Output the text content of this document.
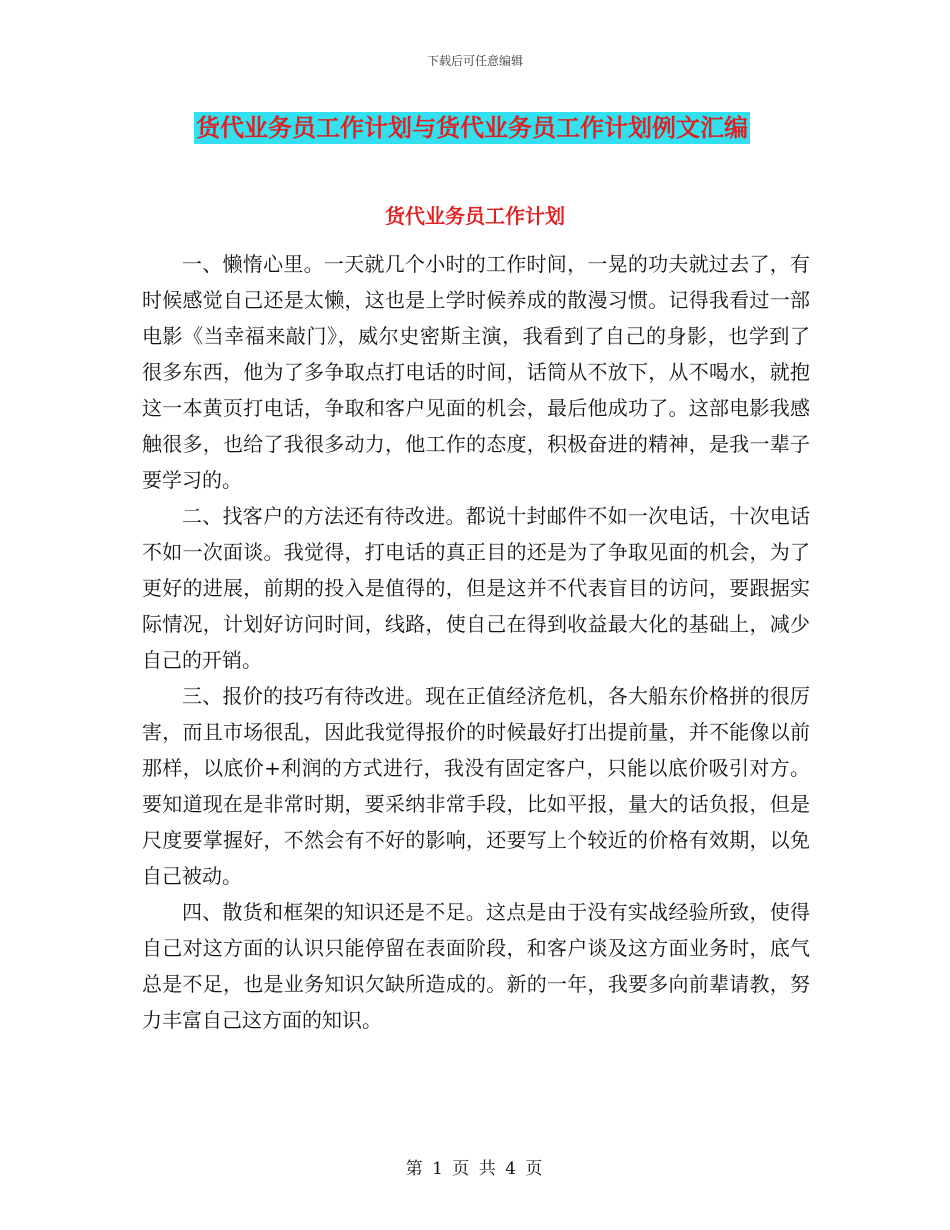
下载后可任意编辑
货代业务员工作计划与货代业务员工作计划例文汇编
货代业务员工作计划

一、懒惰心里。一天就几个小时的工作时间，一晃的功夫就过去了，有时候感觉自己还是太懒，这也是上学时候养成的散漫习惯。记得我看过一部电影《当幸福来敲门》，威尔史密斯主演，我看到了自己的身影，也学到了很多东西，他为了多争取点打电话的时间，话筒从不放下，从不喝水，就抱这一本黄页打电话，争取和客户见面的机会，最后他成功了。这部电影我感触很多，也给了我很多动力，他工作的态度，积极奋进的精神，是我一辈子要学习的。

二、找客户的方法还有待改进。都说十封邮件不如一次电话，十次电话不如一次面谈。我觉得，打电话的真正目的还是为了争取见面的机会，为了更好的进展，前期的投入是值得的，但是这并不代表盲目的访问，要跟据实际情况，计划好访问时间，线路，使自己在得到收益最大化的基础上，减少自己的开销。

三、报价的技巧有待改进。现在正值经济危机，各大船东价格拼的很厉害，而且市场很乱，因此我觉得报价的时候最好打出提前量，并不能像以前那样，以底价+利润的方式进行，我没有固定客户，只能以底价吸引对方。要知道现在是非常时期，要采纳非常手段，比如平报，量大的话负报，但是尺度要掌握好，不然会有不好的影响，还要写上个较近的价格有效期，以免自己被动。

四、散货和框架的知识还是不足。这点是由于没有实战经验所致，使得自己对这方面的认识只能停留在表面阶段，和客户谈及这方面业务时，底气总是不足，也是业务知识欠缺所造成的。新的一年，我要多向前辈请教，努力丰富自己这方面的知识。

第 1 页 共 4 页
